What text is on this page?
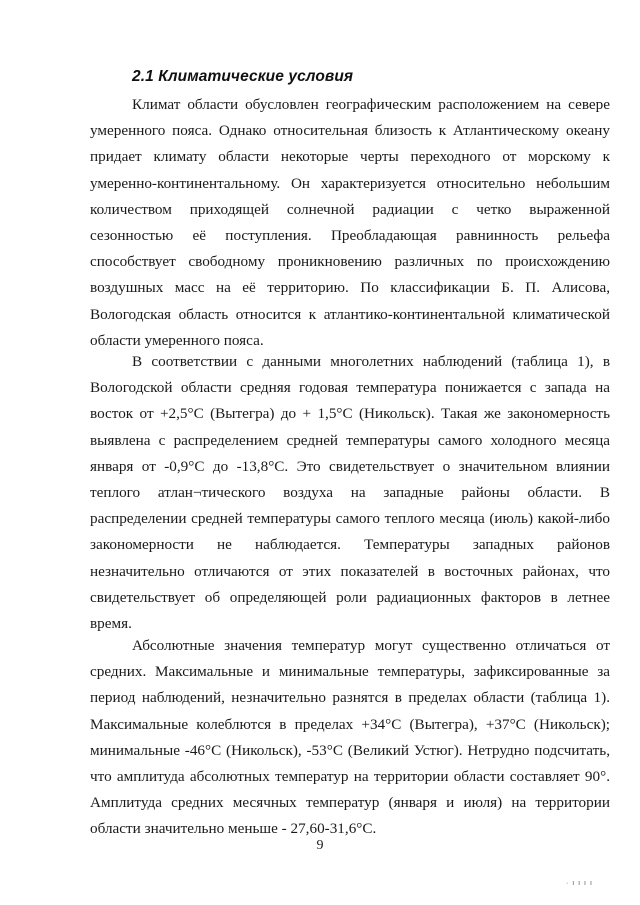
2.1 Климатические условия

Климат области обусловлен географическим расположением на севере умеренного пояса. Однако относительная близость к Атлантическому океану придает климату области некоторые черты переходного от морскому к умеренно-континентальному. Он характеризуется относительно небольшим количеством приходящей солнечной радиации с четко выраженной сезонностью её поступления. Преобладающая равнинность рельефа способствует свободному проникновению различных по происхождению воздушных масс на её территорию. По классификации Б. П. Алисова, Вологодская область относится к атлантико-континентальной климатической области умеренного пояса.

В соответствии с данными многолетних наблюдений (таблица 1), в Вологодской области средняя годовая температура понижается с запада на восток от +2,5°С (Вытегра) до + 1,5°С (Никольск). Такая же закономерность выявлена с распределением средней температуры самого холодного месяца января от -0,9°С до -13,8°С. Это свидетельствует о значительном влиянии теплого атлан¬тического воздуха на западные районы области. В распределении средней температуры самого теплого месяца (июль) какой-либо закономерности не наблюдается. Температуры западных районов незначительно отличаются от этих показателей в восточных районах, что свидетельствует об определяющей роли радиационных факторов в летнее время.

Абсолютные значения температур могут существенно отличаться от средних. Максимальные и минимальные температуры, зафиксированные за период наблюдений, незначительно разнятся в пределах области (таблица 1). Максимальные колеблются в пределах +34°С (Вытегра), +37°С (Никольск); минимальные -46°С (Никольск), -53°С (Великий Устюг). Нетрудно подсчитать, что амплитуда абсолютных температур на территории области составляет 90°. Амплитуда средних месячных температур (января и июля) на территории области значительно меньше - 27,60-31,6°С.

9
· ı ı ı ı
